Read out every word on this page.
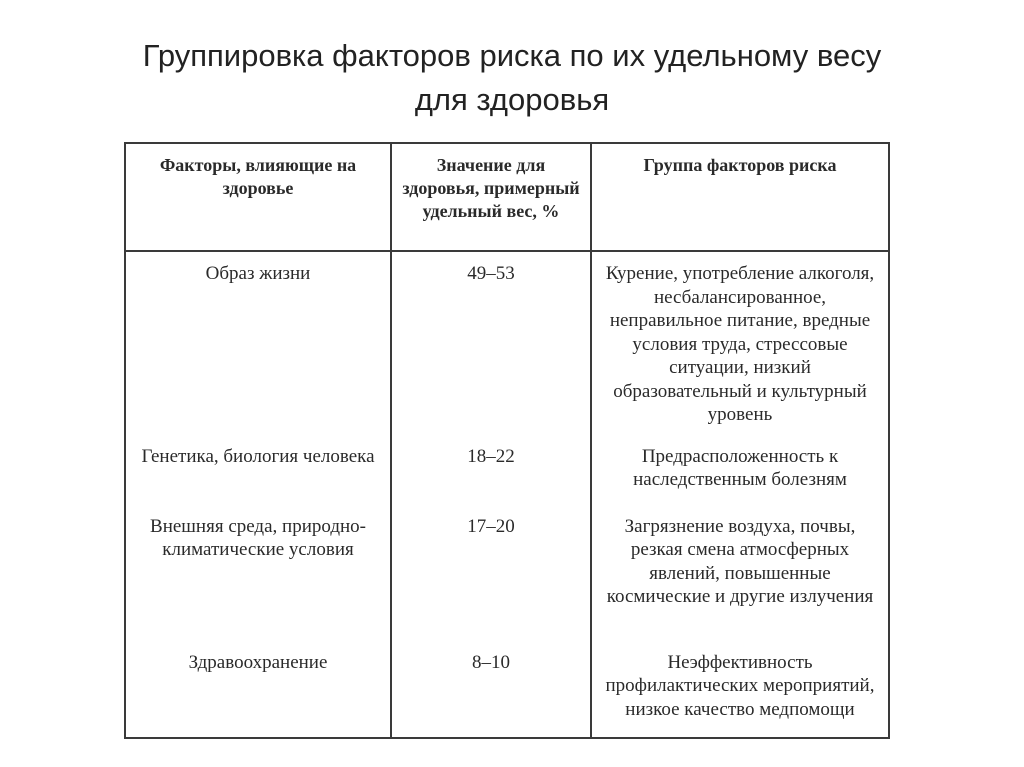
Группировка факторов риска по их удельному весу
для здоровья
Факторы, влияющие на здоровье	Значение для здоровья, примерный удельный вес, %	Группа факторов риска
Образ жизни	49–53	Курение, употребление алкоголя, несбалансированное, неправильное питание, вредные условия труда, стрессовые ситуации, низкий образовательный и культурный уровень
Генетика, биология человека	18–22	Предрасположенность к наследственным болезням
Внешняя среда, природно-климатические условия	17–20	Загрязнение воздуха, почвы, резкая смена атмосферных явлений, повышенные космические и другие излучения
Здравоохранение	8–10	Неэффективность профилактических мероприятий, низкое качество медпомощи
